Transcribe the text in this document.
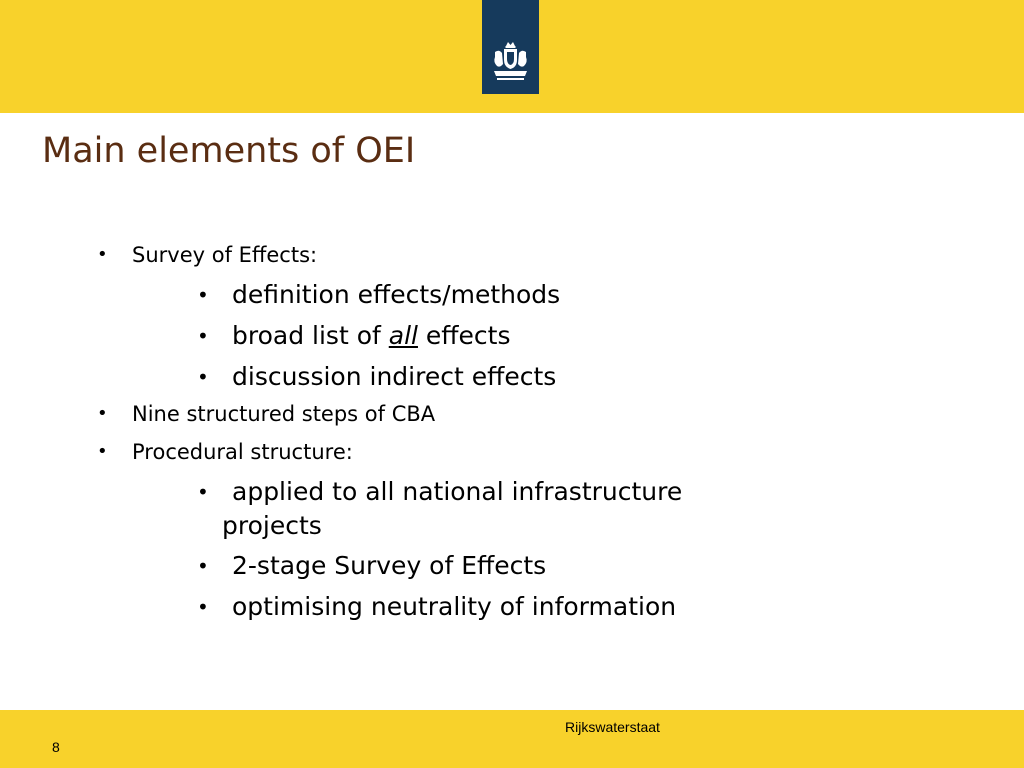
Main elements of OEI
• Survey of Effects:
• definition effects/methods
• broad list of all effects
• discussion indirect effects
• Nine structured steps of CBA
• Procedural structure:
• applied to all national infrastructure
projects
• 2-stage Survey of Effects
• optimising neutrality of information
Rijkswaterstaat
8
